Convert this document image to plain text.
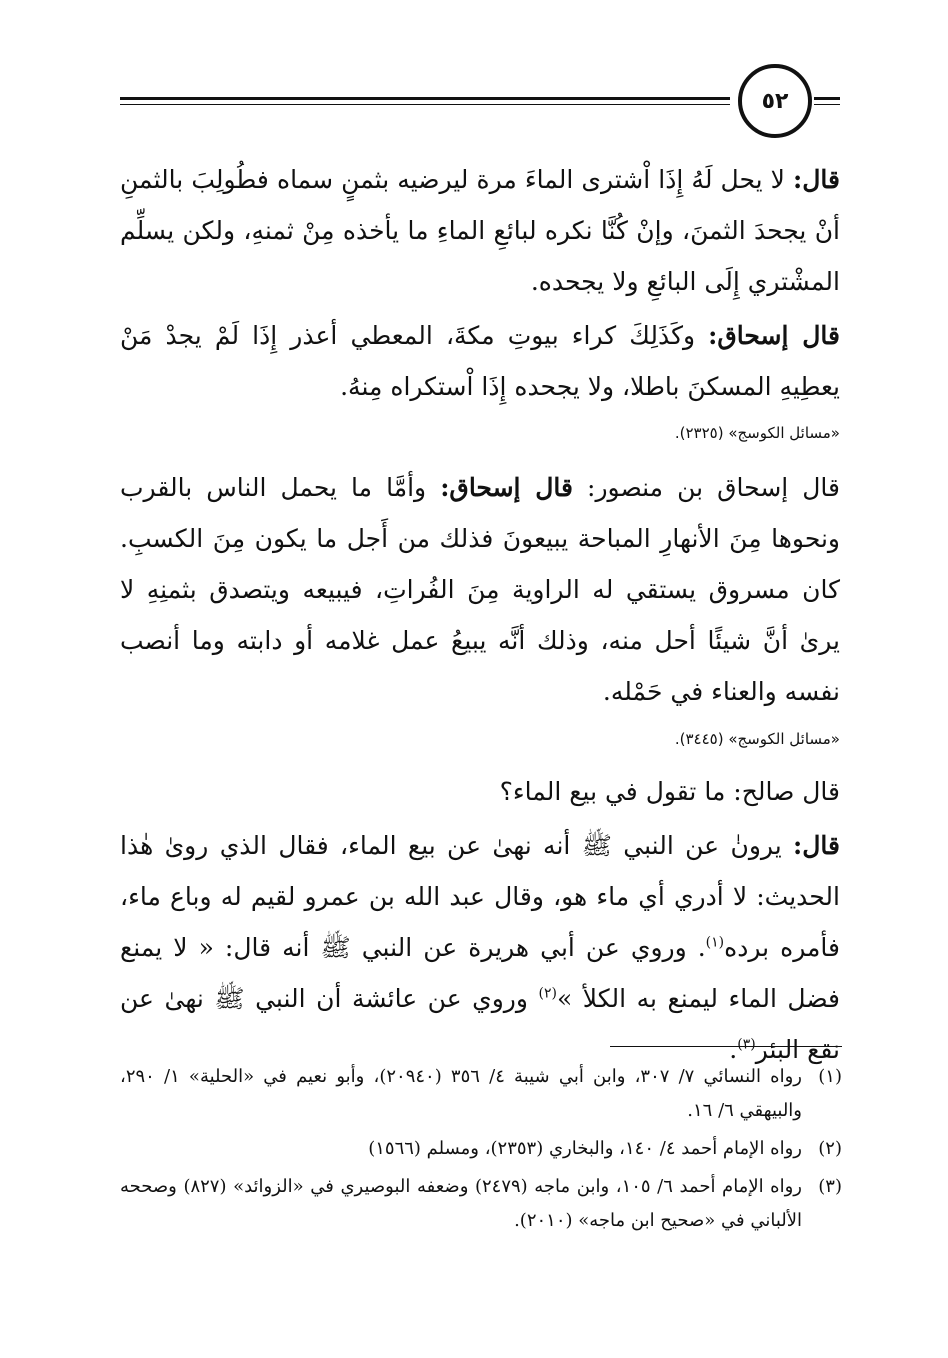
٥٢

قال: لا يحل لَهُ إِذَا اْشترى الماءَ مرة ليرضيه بثمنٍ سماه فطُولِبَ بالثمنِ أنْ يجحدَ الثمنَ، وإنْ كُنَّا نكره لبائعِ الماءِ ما يأخذه مِنْ ثمنهِ، ولكن يسلِّم المشْتري إِلَى البائعِ ولا يجحده.

قال إسحاق: وكَذَلِكَ كراء بيوتِ مكةَ، المعطي أعذر إِذَا لَمْ يجدْ مَنْ يعطِيهِ المسكنَ باطلا، ولا يجحده إِذَا اْستكراه مِنهُ.

«مسائل الكوسج» (٢٣٢٥).

قال إسحاق بن منصور: قال إسحاق: وأمَّا ما يحمل الناس بالقرب ونحوها مِنَ الأنهارِ المباحة يبيعونَ فذلك من أَجل ما يكون مِنَ الكسبِ. كان مسروق يستقي له الراوية مِنَ الفُراتِ، فيبيعه ويتصدق بثمنِهِ لا يرىٰ أنَّ شيئًا أحل منه، وذلك أنَّه يبيعُ عمل غلامه أو دابته وما أنصب نفسه والعناء في حَمْله.

«مسائل الكوسج» (٣٤٤٥).

قال صالح: ما تقول في بيع الماء؟

قال: يرونٰ عن النبي ﷺ أنه نهىٰ عن بيع الماء، فقال الذي روىٰ هٰذا الحديث: لا أدري أي ماء هو، وقال عبد الله بن عمرو لقيم له وباع ماء، فأمره برده$^{(١)}$. وروي عن أبي هريرة عن النبي ﷺ أنه قال: « لا يمنع فضل الماء ليمنع به الكلأ »$^{(٢)}$ وروي عن عائشة أن النبي ﷺ نهىٰ عن نقع البئر$^{(٣)}$.

(١)
رواه النسائي ٧/ ٣٠٧، وابن أبي شيبة ٤/ ٣٥٦ (٢٠٩٤٠)، وأبو نعيم في «الحلية» ١/ ٢٩٠، والبيهقي ٦/ ١٦.
(٢)
رواه الإمام أحمد ٤/ ١٤٠، والبخاري (٢٣٥٣)، ومسلم (١٥٦٦)
(٣)
رواه الإمام أحمد ٦/ ١٠٥، وابن ماجه (٢٤٧٩) وضعفه البوصيري في «الزوائد» (٨٢٧) وصححه الألباني في «صحيح ابن ماجه» (٢٠١٠).
